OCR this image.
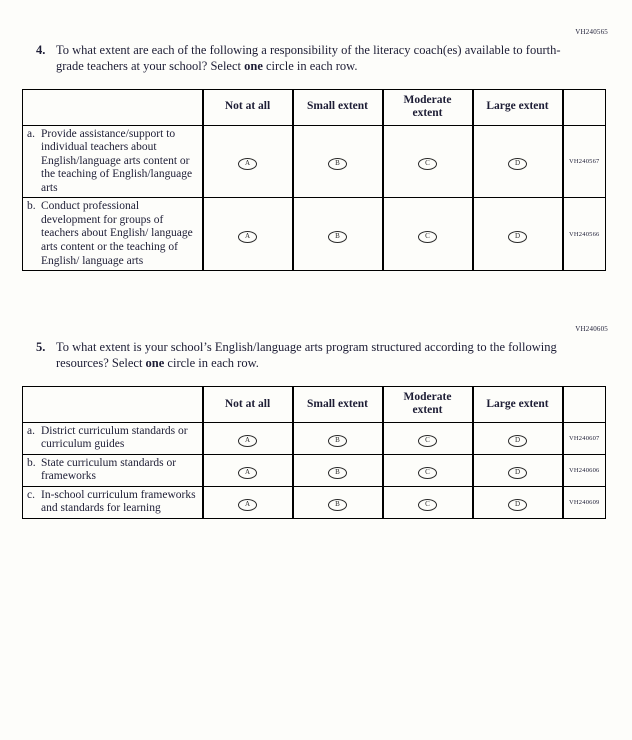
VH240565
4. To what extent are each of the following a responsibility of the literacy coach(es) available to fourth-grade teachers at your school? Select one circle in each row.
	Not at all	Small extent	Moderate extent	Large extent	

a. Provide assistance/support to individual teachers about English/language arts content or the teaching of English/language arts	A	B	C	D	VH240567

b. Conduct professional development for groups of teachers about English/ language arts content or the teaching of English/ language arts	A	B	C	D	VH240566
VH240605
5. To what extent is your school’s English/language arts program structured according to the following resources? Select one circle in each row.
	Not at all	Small extent	Moderate extent	Large extent	

a. District curriculum standards or curriculum guides	A	B	C	D	VH240607

b. State curriculum standards or frameworks	A	B	C	D	VH240606

c. In-school curriculum frameworks and standards for learning	A	B	C	D	VH240609
